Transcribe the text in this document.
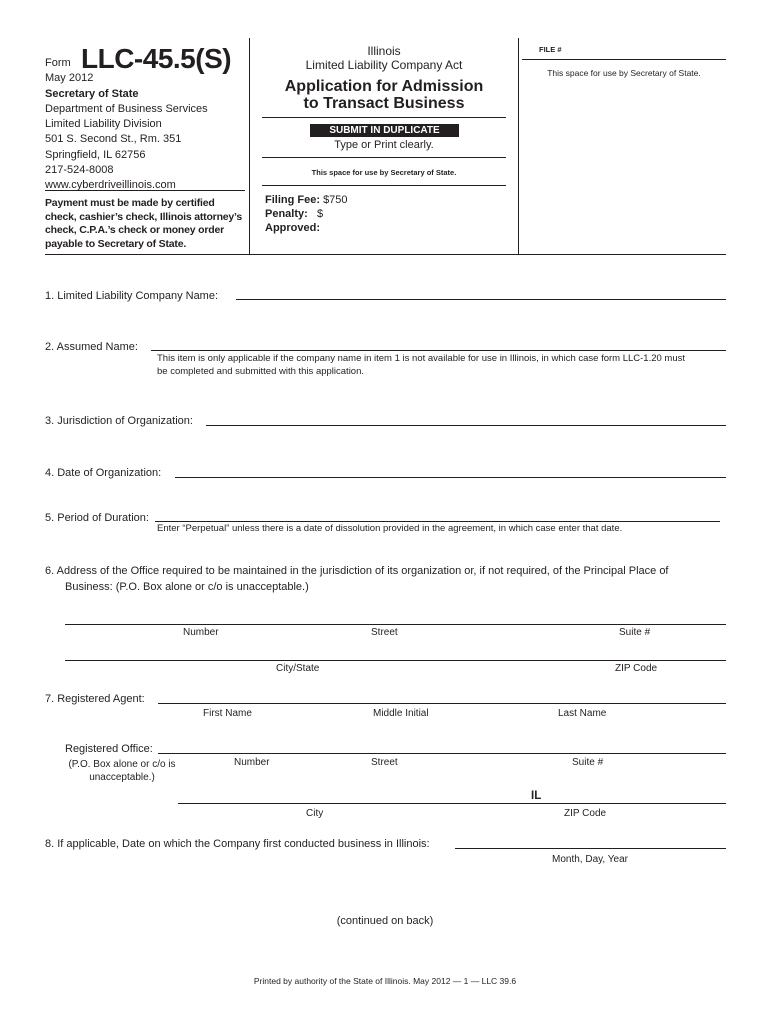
Form LLC-45.5(S)
May 2012
Secretary of State
Department of Business Services
Limited Liability Division
501 S. Second St., Rm. 351
Springfield, IL 62756
217-524-8008
www.cyberdriveillinois.com
Payment must be made by certified
check, cashier’s check, Illinois attorney’s
check, C.P.A.’s check or money order
payable to Secretary of State.
Illinois
Limited Liability Company Act
Application for Admission
to Transact Business
SUBMIT IN DUPLICATE
Type or Print clearly.
This space for use by Secretary of State.
Filing Fee: $750
Penalty: $
Approved:
FILE #
This space for use by Secretary of State.
1. Limited Liability Company Name:
2. Assumed Name:
This item is only applicable if the company name in item 1 is not available for use in Illinois, in which case form LLC-1.20 must
be completed and submitted with this application.
3. Jurisdiction of Organization:
4. Date of Organization:
5. Period of Duration:
Enter “Perpetual” unless there is a date of dissolution provided in the agreement, in which case enter that date.
6. Address of the Office required to be maintained in the jurisdiction of its organization or, if not required, of the Principal Place of
Business: (P.O. Box alone or c/o is unacceptable.)
Number	Street	Suite #
City/State	ZIP Code
7. Registered Agent:
First Name	Middle Initial	Last Name
Registered Office:
(P.O. Box alone or c/o is
unacceptable.)
Number	Street	Suite #
IL
City	ZIP Code
8. If applicable, Date on which the Company first conducted business in Illinois:
Month, Day, Year
(continued on back)
Printed by authority of the State of Illinois. May 2012 — 1 — LLC 39.6
